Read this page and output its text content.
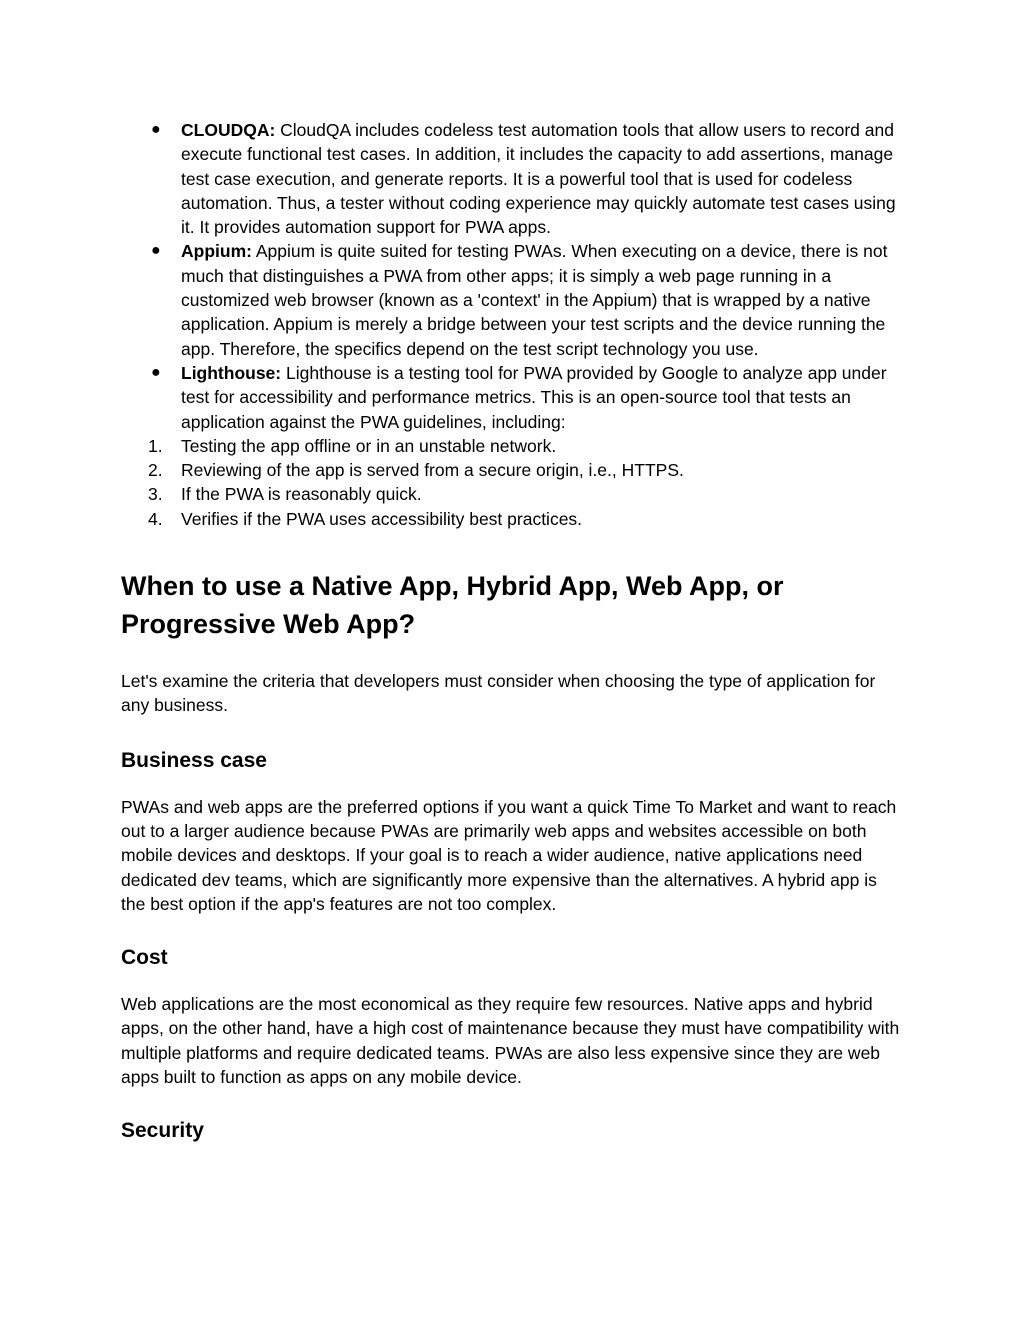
● CLOUDQA: CloudQA includes codeless test automation tools that allow users to record and execute functional test cases. In addition, it includes the capacity to add assertions, manage test case execution, and generate reports. It is a powerful tool that is used for codeless automation. Thus, a tester without coding experience may quickly automate test cases using it. It provides automation support for PWA apps.
● Appium: Appium is quite suited for testing PWAs. When executing on a device, there is not much that distinguishes a PWA from other apps; it is simply a web page running in a customized web browser (known as a 'context' in the Appium) that is wrapped by a native application. Appium is merely a bridge between your test scripts and the device running the app. Therefore, the specifics depend on the test script technology you use.
● Lighthouse: Lighthouse is a testing tool for PWA provided by Google to analyze app under test for accessibility and performance metrics. This is an open-source tool that tests an application against the PWA guidelines, including:
1. Testing the app offline or in an unstable network.
2. Reviewing of the app is served from a secure origin, i.e., HTTPS.
3. If the PWA is reasonably quick.
4. Verifies if the PWA uses accessibility best practices.
When to use a Native App, Hybrid App, Web App, or Progressive Web App?

Let's examine the criteria that developers must consider when choosing the type of application for any business.

Business case

PWAs and web apps are the preferred options if you want a quick Time To Market and want to reach out to a larger audience because PWAs are primarily web apps and websites accessible on both mobile devices and desktops. If your goal is to reach a wider audience, native applications need dedicated dev teams, which are significantly more expensive than the alternatives. A hybrid app is the best option if the app's features are not too complex.

Cost

Web applications are the most economical as they require few resources. Native apps and hybrid apps, on the other hand, have a high cost of maintenance because they must have compatibility with multiple platforms and require dedicated teams. PWAs are also less expensive since they are web apps built to function as apps on any mobile device.

Security
